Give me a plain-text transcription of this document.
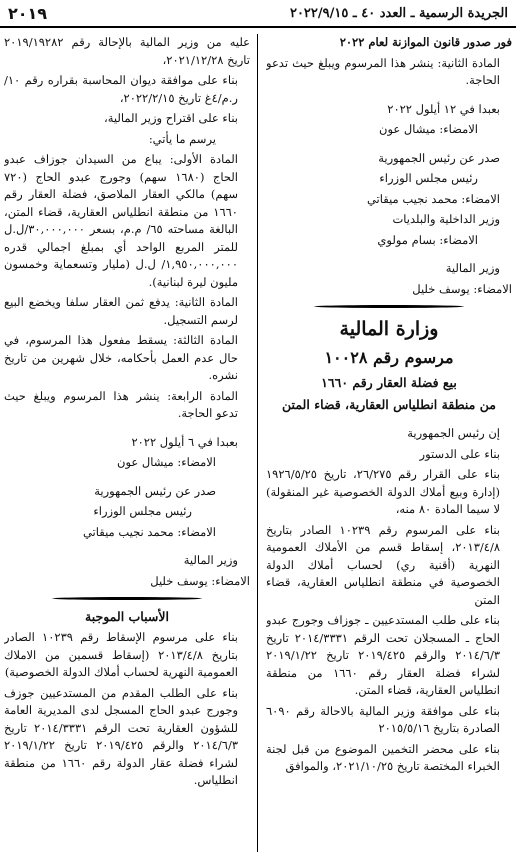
الجريدة الرسمية ـ العدد ٤٠ ـ ٢٠٢٢/٩/١٥
٢٠١٩

فور صدور قانون الموازنة لعام ٢٠٢٢

المادة الثانية: ينشر هذا المرسوم ويبلغ حيث تدعو الحاجة.

بعبدا في ١٢ أيلول ٢٠٢٢

الامضاء: ميشال عون

صدر عن رئيس الجمهورية

رئيس مجلس الوزراء

الامضاء: محمد نجيب ميقاتي

وزير الداخلية والبلديات

الامضاء: بسام مولوي

وزير المالية

الامضاء: يوسف خليل

وزارة المالية

مرسوم رقم ١٠٠٢٨

بيع فضلة العقار رقم ١٦٦٠

من منطقة انطلياس العقارية، قضاء المتن

إن رئيس الجمهورية

بناء على الدستور

بناء على القرار رقم ٢٦/٢٧٥، تاريخ ١٩٢٦/٥/٢٥ (إدارة وبيع أملاك الدولة الخصوصية غير المنقولة) لا سيما المادة ٨٠ منه،

بناء على المرسوم رقم ١٠٢٣٩ الصادر بتاريخ ٢٠١٣/٤/٨، إسقاط قسم من الأملاك العمومية النهرية (أقنية ري) لحساب أملاك الدولة الخصوصية في منطقة انطلياس العقارية، قضاء المتن

بناء على طلب المستدعيين ـ جوزاف وجورج عبدو الحاج ـ المسجلان تحت الرقم ٢٠١٤/٣٣٣١ تاريخ ٢٠١٤/٦/٣ والرقم ٢٠١٩/٤٢٥ تاريخ ٢٠١٩/١/٢٢ لشراء فضلة العقار رقم ١٦٦٠ من منطقة انطلياس العقارية، قضاء المتن.

بناء على موافقة وزير المالية بالاحالة رقم ٦٠٩٠ الصادرة بتاريخ ٢٠١٥/٥/١٦

بناء على محضر التخمين الموضوع من قبل لجنة الخبراء المختصة تاريخ ٢٠٢١/١٠/٢٥، والموافق

عليه من وزير المالية بالإحالة رقم ٢٠١٩/١٩٢٨٢ تاريخ ٢٠٢١/١٢/٢٨،

بناء على موافقة ديوان المحاسبة بقراره رقم ١٠/ر.م/٤غ تاريخ ٢٠٢٢/٢/١٥،

بناء على اقتراح وزير المالية،

يرسم ما يأتي:

المادة الأولى: يباع من السيدان جوزاف عبدو الحاج (١٦٨٠ سهم) وجورج عبدو الحاج (٧٢٠ سهم) مالكي العقار الملاصق، فضلة العقار رقم ١٦٦٠ من منطقة انطلياس العقارية، قضاء المتن، البالغة مساحته ٦٥/ م.م، بسعر ٣٠,٠٠٠,٠٠٠/ل.ل للمتر المربع الواحد أي بمبلغ اجمالي قدره ١,٩٥٠,٠٠٠,٠٠٠/ ل.ل (مليار وتسعماية وخمسون مليون ليرة لبنانية).

المادة الثانية: يدفع ثمن العقار سلفا ويخضع البيع لرسم التسجيل.

المادة الثالثة: يسقط مفعول هذا المرسوم، في حال عدم العمل بأحكامه، خلال شهرين من تاريخ نشره.

المادة الرابعة: ينشر هذا المرسوم ويبلغ حيث تدعو الحاجة.

بعبدا في ٦ أيلول ٢٠٢٢

الامضاء: ميشال عون

صدر عن رئيس الجمهورية

رئيس مجلس الوزراء

الامضاء: محمد نجيب ميقاتي

وزير المالية

الامضاء: يوسف خليل

الأسباب الموجبة

بناء على مرسوم الإسقاط رقم ١٠٢٣٩ الصادر بتاريخ ٢٠١٣/٤/٨ (إسقاط قسمين من الاملاك العمومية النهرية لحساب أملاك الدولة الخصوصية)

بناء على الطلب المقدم من المستدعيين جوزف وجورج عبدو الحاج المسجل لدى المديرية العامة للشؤون العقارية تحت الرقم ٢٠١٤/٣٣٣١ تاريخ ٢٠١٤/٦/٣ والرقم ٢٠١٩/٤٢٥ تاريخ ٢٠١٩/١/٢٢ لشراء فضلة عقار الدولة رقم ١٦٦٠ من منطقة انطلياس.
